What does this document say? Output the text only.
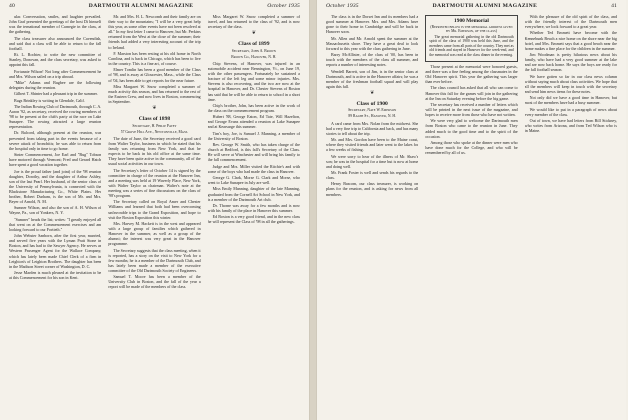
40	DARTMOUTH ALUMNI MAGAZINE	October 1935

ular. Conversation, smiles, and laughter prevailed. John Graf presented the greetings of the host Di himself was the ternational member of Carnegie in the class, at the gathering.

The class treasurer also announced the Cavendish, and said that a class will be able to return to the fall football.

Rt. L. Rochter, to write the new committee of Stanley, Donovan, and the class secretary, was asked to appoint this fall.

Fortunate Wilson! Not long after Commencement he and Mrs. Wilson sailed on a trip abroad.

"Mike" Adams and Bugbee are the following delegates during the reunion.

Gilbert T. Shinter had a pleasant trip in the summer.

Bugs Brinkley is writing in Glendale, Calif.

The Indian Rowing Club of Dartmouth, through C. A. Aaron '92, as secretary, received the rowing members of '98 to be present at the club's party at the race on Lake Sunapee. The rowing attracted a large reunion representation.

Dr. Balcord, although present at the reunion, was prevented from taking part in the events because of a severe attack of bronchitis; he was able to return from the hospital only in time to go home.

Sinter Commencement, Joe Earl and "Bug" Tobson have motored through Vermont; Fred and Gerard Hatch have spent a good vacation together.

Joe is the proud father (and joint) of the '98 reunion daughter, Dorothy, and the daughter of Arthur Ashley, son of the last Pearl. Her husband, of the senior class of the University of Pennsylvania, is connected with the Blackstone Manufacturing Co., White Plains. Her brother, Robert Durham, is the son of Mr. and Mrs. Beyer of Arnold, N. M.

Sumner Wilson, and also the son of A. H. Wilson of Wayne, Pa., son of Yonkers, N. Y.

"Sumner" heads the list; writes: "I greatly enjoyed all that went on at the Commencement exercises and am looking forward to our Fortieth."

John Webster Sanborn, after the first year, married, and served five years with the Lyman Pratt Stone in Boston, and has had to the Sawyer Agency. He serves as Western Passenger Agent for the Wallace Company, which has lately been made Chief Clerk of a firm in Leighton's of Leighton Brothers. The daughter has been in the Madison Street corner of Washington, D. C.

Jesse Marden is much pleased at the invitation to be at this Commencement for his son in Kent.

Mr. and Mrs. H. L. Newcomb and their family are on their way to the mountains; "I will be a very great help this year, as some other events have not been resolved at all." In my first letter I came to Hanover, but Mr. Perkins returned from the West at the close of the summer; their friends had added a very interesting account of the trip to Ireland.

F. Marston has been resting at his old home in North Carolina, and is back in Chicago, which has been to live in the country. This is a fine art, of course.

Elmer Tomlin has been a good member of the Class of '98, and is away at Gloucester, Mass., while the Class of '04, has been able to get reports for the near future.

Miss Margaret W. Snow completed a summer of much activity this season, and has returned to the rest of the Eastern Crew, and now lives in Boston, commencing in September.

❦
Class of 1898
Secretary, H. Philip Patey
57 Grove Hill Ave., Newtonville, Mass.

The date of June, the Secretary received a good card from Walter Taylor, business in which he stated that his family was returning from New York, and that he expects to be back in his old office at the same time. They have been quite active in the community, all of the usual social activities in our town.

The Secretary's letter of October 14 is signed by the committee in charge of the reunion at the Hanover Inn, and a meeting was held at 19 Waverly Place, New York, with Walter Taylor as chairman. Walter's note at the meeting was a series of fine discussions on the class of '98's program.

The Secretary called on Royal Amer and Chester Williams and learned that both had been overcoming unfavorable trips to the Grand Exposition, and hope to visit the Boston Exposition this winter.

Mrs. Harvey M. Hackett is in the west and appeared with a large group of families which gathered in Hanover in the summer, as well as a group of the alumni; the interest was very great in the Hanover programme.

The Secretary suggests that the class meeting, when it is reported, has a story on the visit to New York for a few months; he is a member of the Dartmouth Club, and has lately been made a member of the executive committee of the Old Dartmouth Society of Engineers.

Samuel T. Moore has been a member of the University Club in Boston, and the fall of the year a report will be made of the members of the class.

Miss Margaret W. Snow completed a summer of travel, and has returned to the class of '92, and is now secretary of the class.

❦
Class of 1899
Secretary, John A. Brown
Brown Co., Hanover, N. H.

Chip Stevens, of Hanover, was injured in an automobile accident near Bennington, Vt., on June 19, with the other passengers. Fortunately he sustained a fracture of the left leg and some minor injuries. Mrs. Stevens is also recovering, and the two are now at the hospital in Hanover, and Dr. Chester Stevens of Boston has said that he will be able to return to school in a short time.

Chip's brother, John, has been active in the work of the class on the commencement program.

Hubert '88, George Eaton, Ed Tate, Will Hazelton, and George Evans attended a reunion at Lake Sunapee and at Kearsarge this summer.

Tim's boy, Joe, is Samuel J. Manning, a member of the University of Boston.

Rev. George W. Smith, who has taken charge of the church at Bedford, is this fall's Secretary of the Class. He will serve at Winchester and will bring his family to the fall commencement.

Judge and Mrs. Miller visited the Ritchie's and with some of the boys who had made the class in Hanover.

George G. Clark, Morse G. Clark and Morse, who went to Lake Sunapee in July are well.

Miss Emily Manning, daughter of the late Manning, graduated from the Cornell Art School in New York, and is a member of the Dartmouth Art club.

Dr. Thorne was away for a few months and is now with his family of the place in Hanover this summer.

Ed Boston is a very good friend, and in the new class he will represent the Class of '98 in all the gatherings.

October 1935	DARTMOUTH ALUMNI MAGAZINE	41

The class is in the Dorset Inn and its members had a good summer at Hanover. Mrs. and Mrs. Adams have gone to their home in Cambridge and will be back in Hanover soon.

Mr. Allen and Mr. Arnold spent the summer at the Massachusetts shore. They have a great deal to look forward to this year with the class gathering in June.

Barry McAllister, of the class of '00, has been in touch with the members of the class all summer, and reports a number of interesting notes.

Wendell Barrett, son of Jim, is in the senior class at Dartmouth, and is active in the Hanover affairs; he was a member of the freshman football squad and will play again this fall.

❦
Class of 1900
Secretary, Nate W. Emerson
89 Ralph St., Hanover, N. H.

A card came from Mrs. Nolan from the midwest. She had a very fine trip to California and back, and has many stories to tell about the trip.

Mr. and Mrs. Gordon have been to the Maine coast, where they visited friends and later went to the lakes for a few weeks of fishing.

We were sorry to hear of the illness of Mr. Shaw's son; he was in the hospital for a time but is now at home and doing well.

Mr. Frank Foster is well and sends his regards to the class.

Henry Bascom, our class treasurer, is working on plans for the reunion, and is asking for news from all members.

1900 Memorial
(Reprinted below is the memorial address given by Mr. Emerson, of the class)

The great memorial gathering in the old Dartmouth spirit of the class of 1900 was held this June, and the members came from all parts of the country. They met as old friends and stayed in Hanover for the week-end, and the memorial was read at the class dinner in the evening.

Those present at the memorial were honored guests, and there was a fine feeling among the classmates in the Old Hanover spirit. This year the gathering was larger than ever before.

The class council has asked that all who can come to Hanover this fall for the games will join in the gathering at the Inn on Saturday evening before the big game.

The secretary has received a number of letters which will be printed in the next issue of the magazine, and hopes to receive more from those who have not written.

We were very glad to welcome the Dartmouth men from Boston who came to the reunion in June. They added much to the good time and to the spirit of the occasion.

Among those who spoke at the dinner were men who have done much for the College, and who will be remembered by all of us.

With the pleasure of the old spirit of the class, and with the friendly interest of the Dartmouth men everywhere, we look forward to a great year.

Whether Ted Emmett have become with the Kennebunk Beach a nice home on the shore near the big hotel, and Mrs. Emmett says that a good beach near the home makes a fine place for the children in the summer.

Jim Woodman is pretty hilarious news about his family, who have had a very good summer at the lake and are now back home. He says the boys are ready for the fall football season.

We have gotten so far in our class news column without saying much about class activities. We hope that all the members will keep in touch with the secretary and send him news items for these notes.

Not only did we have a good time in Hanover, but most of the members have had a busy summer.

We would like to put in a paragraph of news about every member of the class.

Out of town, we have had letters from Bill Stickney, who writes from Arizona, and from Ted Wilson who is in Maine.
